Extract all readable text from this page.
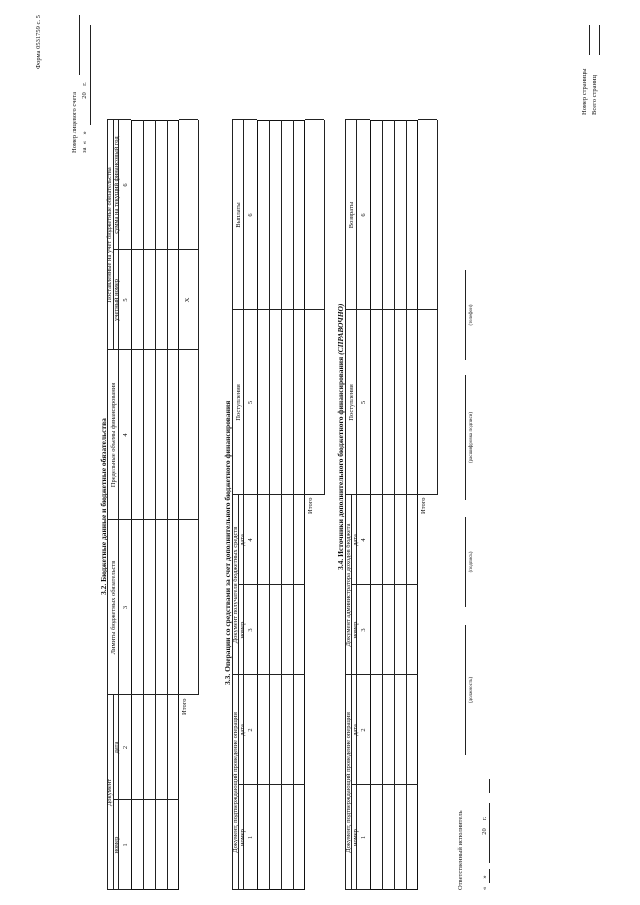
Форма 0531759 с. 5
Номер лицевого счета за  «    »                    20    г.
3.2. Бюджетные данные и бюджетные обязательства
Документ
номер
дата
Лимиты бюджетных обязательств
Предельные объемы финансирования
Поставленные на учет бюджетные обязательства учетный номер
сумма на текущий финансовый год
1
2
3
4
5
6
Итого
X
3.3. Операции со средствами за счет дополнительного бюджетного финансирования
Документ, подтверждающий проведение операции номер
дата
Документ получателя бюджетных средств номер
дата
Поступления
Выплаты
1
2
3
4
5
6
Итого	3.4. Источники дополнительного бюджетного финансирования (СПРАВОЧНО)
Документ, подтверждающий проведение операции номер
дата
Документ администратора доходов бюджета номер
дата
Поступления
Возвраты
1
2
3
4
5
6
Итого
Ответственный исполнитель
(должность)
(подпись)
(расшифровка подписи)
(телефон)
«     »                         20     г.
Номер страницы Всего страниц
